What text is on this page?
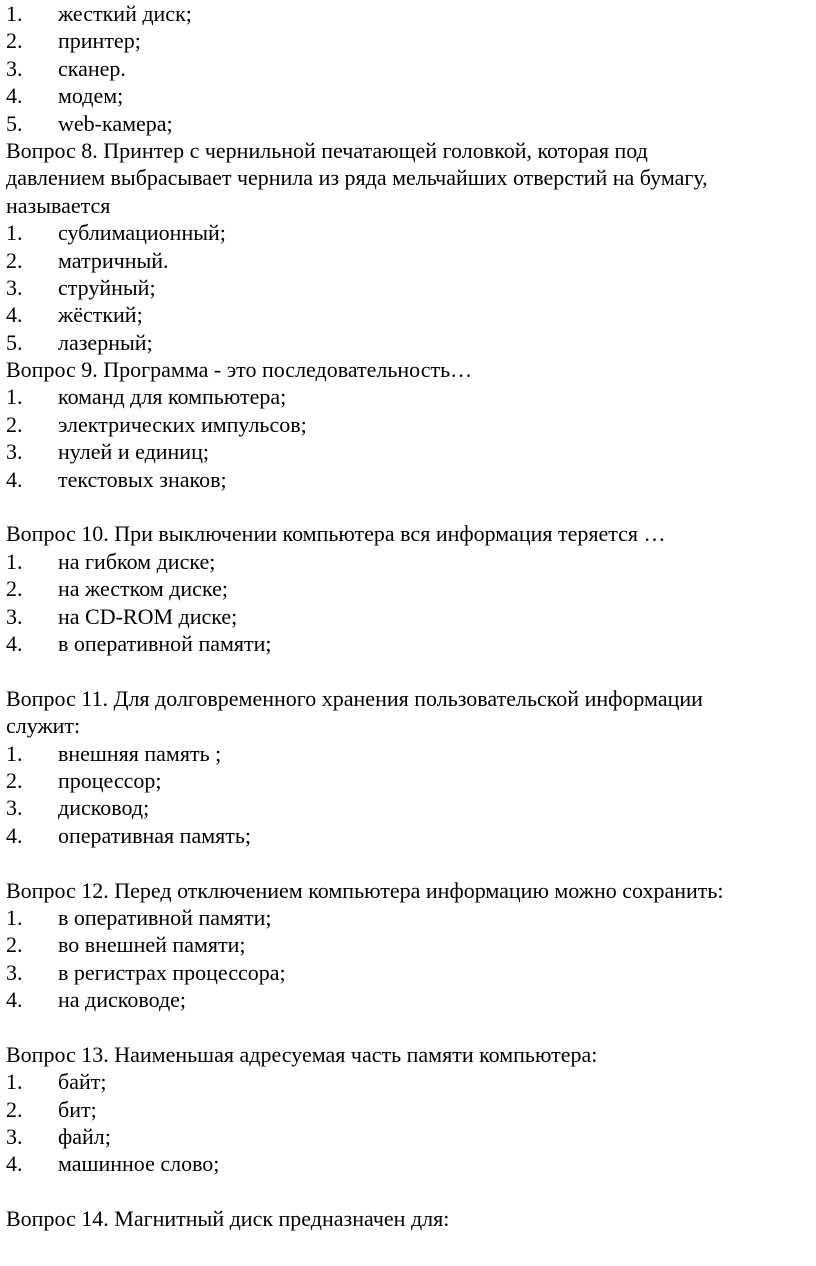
1.	жесткий диск;
2.	принтер;
3.	сканер.
4.	модем;
5.	web-камера;
Вопрос 8. Принтер с чернильной печатающей головкой, которая под
давлением выбрасывает чернила из ряда мельчайших отверстий на бумагу,
называется
1.	сублимационный;
2.	матричный.
3.	струйный;
4.	жёсткий;
5.	лазерный;
Вопрос 9. Программа - это последовательность…
1.	команд для компьютера;
2.	электрических импульсов;
3.	нулей и единиц;
4.	текстовых знаков;
Вопрос 10. При выключении компьютера вся информация теряется …
1.	на гибком диске;
2.	на жестком диске;
3.	на CD-ROM диске;
4.	в оперативной памяти;
Вопрос 11. Для долговременного хранения пользовательской информации
служит:
1.	внешняя память ;
2.	процессор;
3.	дисковод;
4.	оперативная память;
Вопрос 12. Перед отключением компьютера информацию можно сохранить:
1.	в оперативной памяти;
2.	во внешней памяти;
3.	в регистрах процессора;
4.	на дисководе;
Вопрос 13. Наименьшая адресуемая часть памяти компьютера:
1.	байт;
2.	бит;
3.	файл;
4.	машинное слово;
Вопрос 14. Магнитный диск предназначен для:
